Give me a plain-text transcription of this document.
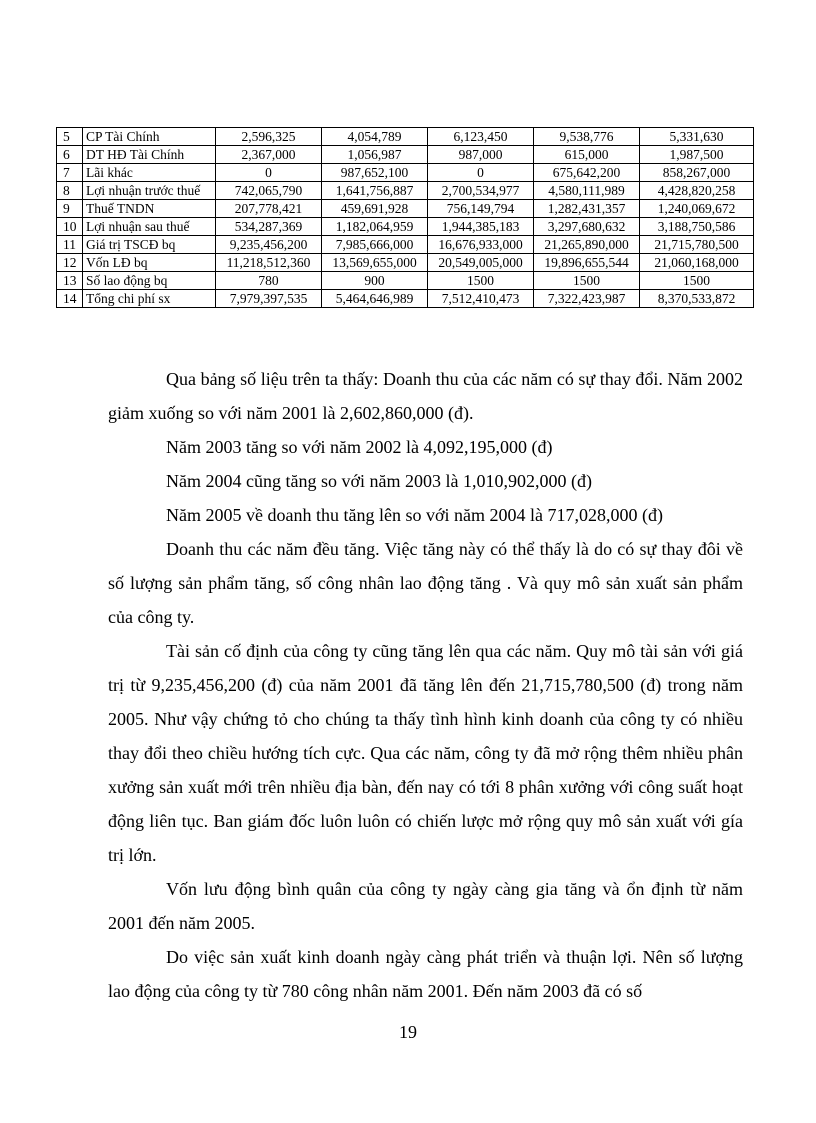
5	CP Tài Chính	2,596,325	4,054,789	6,123,450	9,538,776	5,331,630
6	DT HĐ Tài Chính	2,367,000	1,056,987	987,000	615,000	1,987,500
7	Lãi khác	0	987,652,100	0	675,642,200	858,267,000
8	Lợi nhuận trước thuế	742,065,790	1,641,756,887	2,700,534,977	4,580,111,989	4,428,820,258
9	Thuế TNDN	207,778,421	459,691,928	756,149,794	1,282,431,357	1,240,069,672
10	Lợi nhuận sau thuế	534,287,369	1,182,064,959	1,944,385,183	3,297,680,632	3,188,750,586
11	Giá trị TSCĐ bq	9,235,456,200	7,985,666,000	16,676,933,000	21,265,890,000	21,715,780,500
12	Vốn LĐ bq	11,218,512,360	13,569,655,000	20,549,005,000	19,896,655,544	21,060,168,000
13	Số lao động bq	780	900	1500	1500	1500
14	Tổng chi phí sx	7,979,397,535	5,464,646,989	7,512,410,473	7,322,423,987	8,370,533,872

Qua bảng số liệu trên ta thấy: Doanh thu của các năm có sự thay đổi. Năm 2002 giảm xuống so với năm 2001 là 2,602,860,000 (đ).

Năm 2003 tăng so với năm 2002 là 4,092,195,000 (đ)

Năm 2004 cũng tăng so với năm 2003 là 1,010,902,000 (đ)

Năm 2005 về doanh thu tăng lên so với năm 2004 là 717,028,000 (đ)

Doanh thu các năm đều tăng. Việc tăng này có thể thấy là do có sự thay đôi về số lượng sản phẩm tăng, số công nhân lao động tăng . Và quy mô sản xuất sản phẩm của công ty.

Tài sản cố định của công ty cũng tăng lên qua các năm. Quy mô tài sản với giá trị từ 9,235,456,200 (đ) của năm 2001 đã tăng lên đến 21,715,780,500 (đ) trong năm 2005. Như vậy chứng tỏ cho chúng ta thấy tình hình kinh doanh của công ty có nhiều thay đổi theo chiều hướng tích cực. Qua các năm, công ty đã mở rộng thêm nhiều phân xưởng sản xuất mới trên nhiều địa bàn, đến nay có tới 8 phân xưởng với công suất hoạt động liên tục. Ban giám đốc luôn luôn có chiến lược mở rộng quy mô sản xuất với gía trị lớn.

Vốn lưu động bình quân của công ty ngày càng gia tăng và ổn định từ năm 2001 đến năm 2005.

Do việc sản xuất kinh doanh ngày càng phát triển và thuận lợi. Nên số lượng lao động của công ty từ 780 công nhân năm 2001. Đến năm 2003 đã có số

19
